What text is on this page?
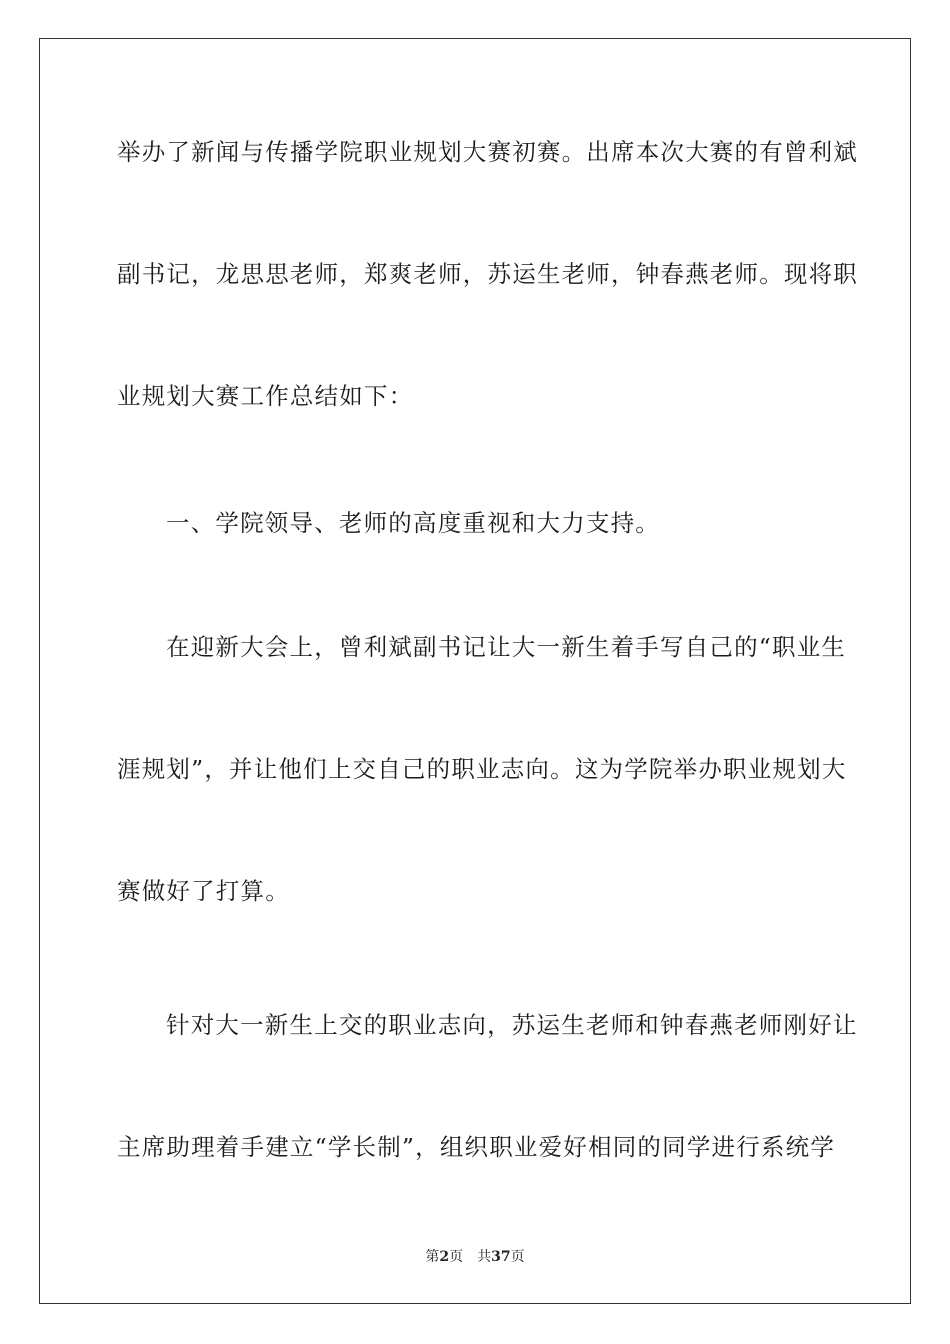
举办了新闻与传播学院职业规划大赛初赛。出席本次大赛的有曾利斌
副书记，龙思思老师，郑爽老师，苏运生老师，钟春燕老师。现将职
业规划大赛工作总结如下：
一、学院领导、老师的高度重视和大力支持。
在迎新大会上，曾利斌副书记让大一新生着手写自己的“职业生
涯规划”，并让他们上交自己的职业志向。这为学院举办职业规划大
赛做好了打算。
针对大一新生上交的职业志向，苏运生老师和钟春燕老师刚好让
主席助理着手建立“学长制”，组织职业爱好相同的同学进行系统学
第2页 共37页
